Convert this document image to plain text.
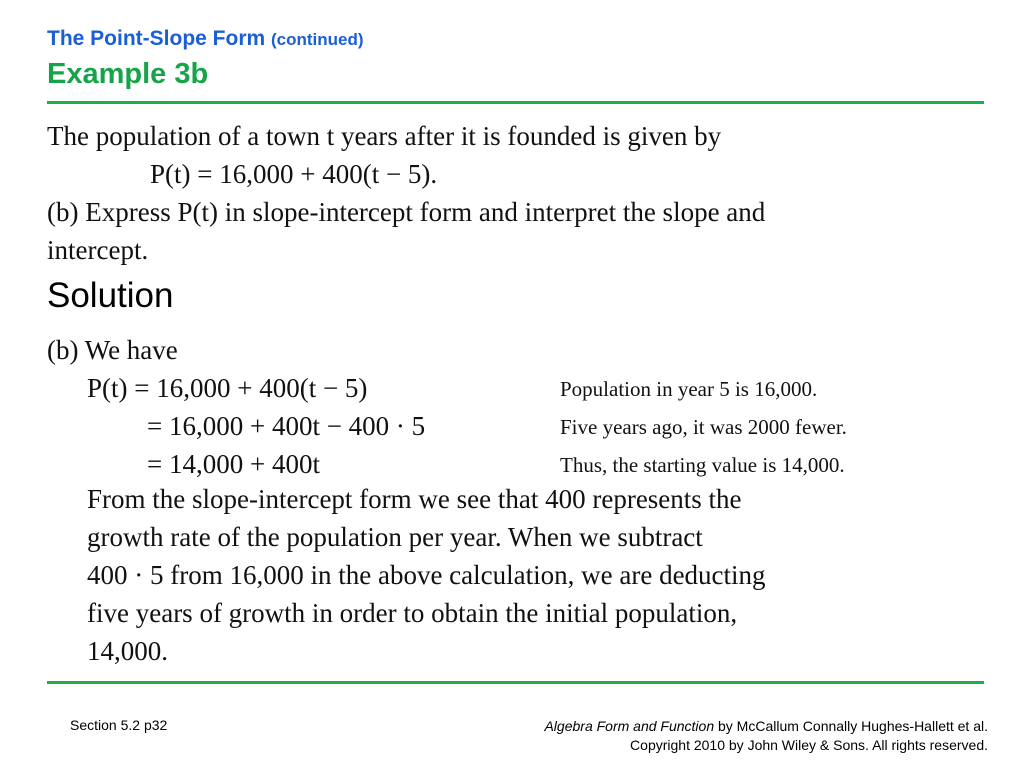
The Point-Slope Form (continued)
Example 3b
The population of a town t years after it is founded is given by
P(t) = 16,000 + 400(t − 5).
(b) Express P(t) in slope-intercept form and interpret the slope and
intercept.
Solution
(b) We have
P(t) = 16,000 + 400(t − 5)	Population in year 5 is 16,000.
= 16,000 + 400t − 400 · 5	Five years ago, it was 2000 fewer.
= 14,000 + 400t	Thus, the starting value is 14,000.
From the slope-intercept form we see that 400 represents the
growth rate of the population per year. When we subtract
400 · 5 from 16,000 in the above calculation, we are deducting
five years of growth in order to obtain the initial population,
14,000.
Section 5.2 p32	Algebra Form and Function by McCallum Connally Hughes-Hallett et al.
Copyright 2010 by John Wiley & Sons. All rights reserved.
